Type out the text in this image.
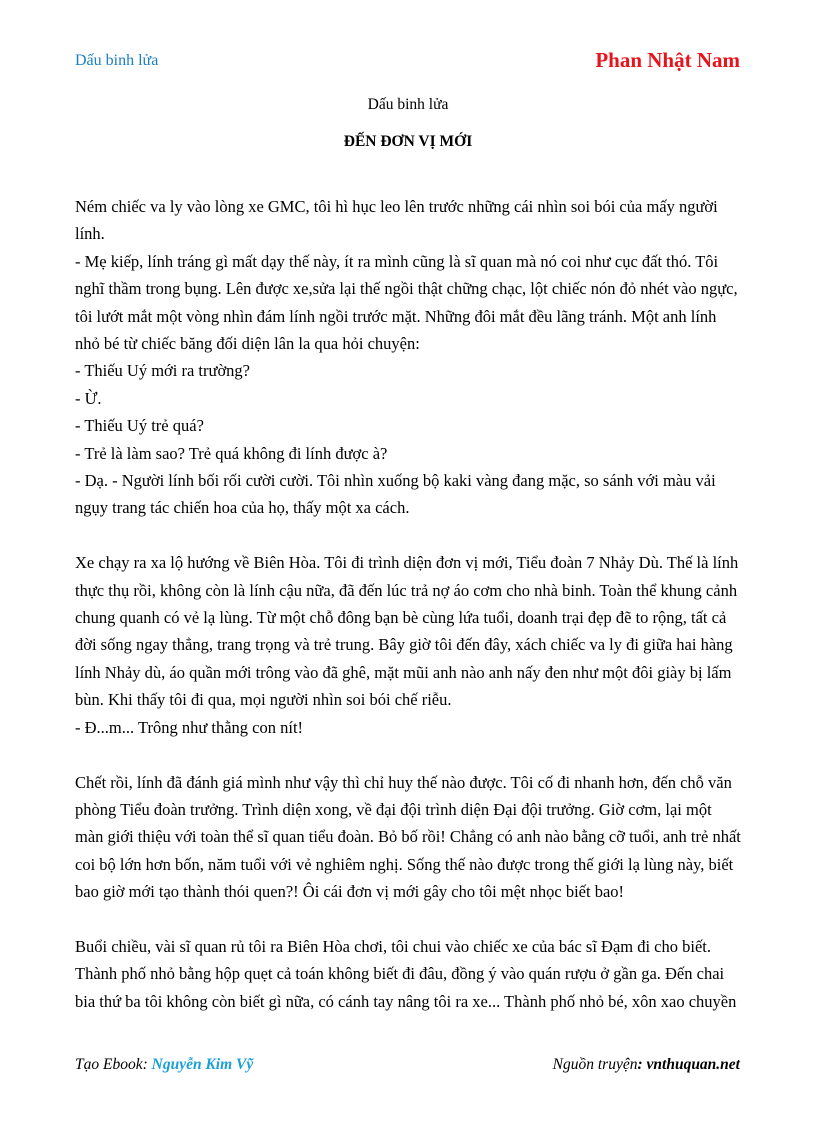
Dấu binh lửa	Phan Nhật Nam
Dấu binh lửa
ĐẾN ĐƠN VỊ MỚI
Ném chiếc va ly vào lòng xe GMC, tôi hì hục leo lên trước những cái nhìn soi bói của mấy người
lính.
- Mẹ kiếp, lính tráng gì mất dạy thế này, ít ra mình cũng là sĩ quan mà nó coi như cục đất thó. Tôi
nghĩ thầm trong bụng. Lên được xe,sửa lại thế ngồi thật chững chạc, lột chiếc nón đỏ nhét vào ngực,
tôi lướt mắt một vòng nhìn đám lính ngồi trước mặt. Những đôi mắt đều lãng tránh. Một anh lính
nhỏ bé từ chiếc băng đối diện lân la qua hỏi chuyện:
- Thiếu Uý mới ra trường?
- Ừ.
- Thiếu Uý trẻ quá?
- Trẻ là làm sao? Trẻ quá không đi lính được à?
- Dạ. - Người lính bối rối cười cười. Tôi nhìn xuống bộ kaki vàng đang mặc, so sánh với màu vải
ngụy trang tác chiến hoa của họ, thấy một xa cách.
Xe chạy ra xa lộ hướng về Biên Hòa. Tôi đi trình diện đơn vị mới, Tiểu đoàn 7 Nhảy Dù. Thế là lính
thực thụ rồi, không còn là lính cậu nữa, đã đến lúc trả nợ áo cơm cho nhà binh. Toàn thể khung cảnh
chung quanh có vẻ lạ lùng. Từ một chỗ đông bạn bè cùng lứa tuổi, doanh trại đẹp đẽ to rộng, tất cả
đời sống ngay thẳng, trang trọng và trẻ trung. Bây giờ tôi đến đây, xách chiếc va ly đi giữa hai hàng
lính Nhảy dù, áo quần mới trông vào đã ghê, mặt mũi anh nào anh nấy đen như một đôi giày bị lấm
bùn. Khi thấy tôi đi qua, mọi người nhìn soi bói chế riễu.
- Đ...m... Trông như thằng con nít!
Chết rồi, lính đã đánh giá mình như vậy thì chỉ huy thế nào được. Tôi cố đi nhanh hơn, đến chỗ văn
phòng Tiểu đoàn trưởng. Trình diện xong, về đại đội trình diện Đại đội trưởng. Giờ cơm, lại một
màn giới thiệu với toàn thể sĩ quan tiểu đoàn. Bỏ bố rồi! Chẳng có anh nào bằng cỡ tuổi, anh trẻ nhất
coi bộ lớn hơn bốn, năm tuổi với vẻ nghiêm nghị. Sống thế nào được trong thế giới lạ lùng này, biết
bao giờ mới tạo thành thói quen?! Ôi cái đơn vị mới gây cho tôi mệt nhọc biết bao!
Buổi chiều, vài sĩ quan rủ tôi ra Biên Hòa chơi, tôi chui vào chiếc xe của bác sĩ Đạm đi cho biết.
Thành phố nhỏ bằng hộp quẹt cả toán không biết đi đâu, đồng ý vào quán rượu ở gần ga. Đến chai
bia thứ ba tôi không còn biết gì nữa, có cánh tay nâng tôi ra xe... Thành phố nhỏ bé, xôn xao chuyền
Tạo Ebook: Nguyễn Kim Vỹ	Nguồn truyện: vnthuquan.net
